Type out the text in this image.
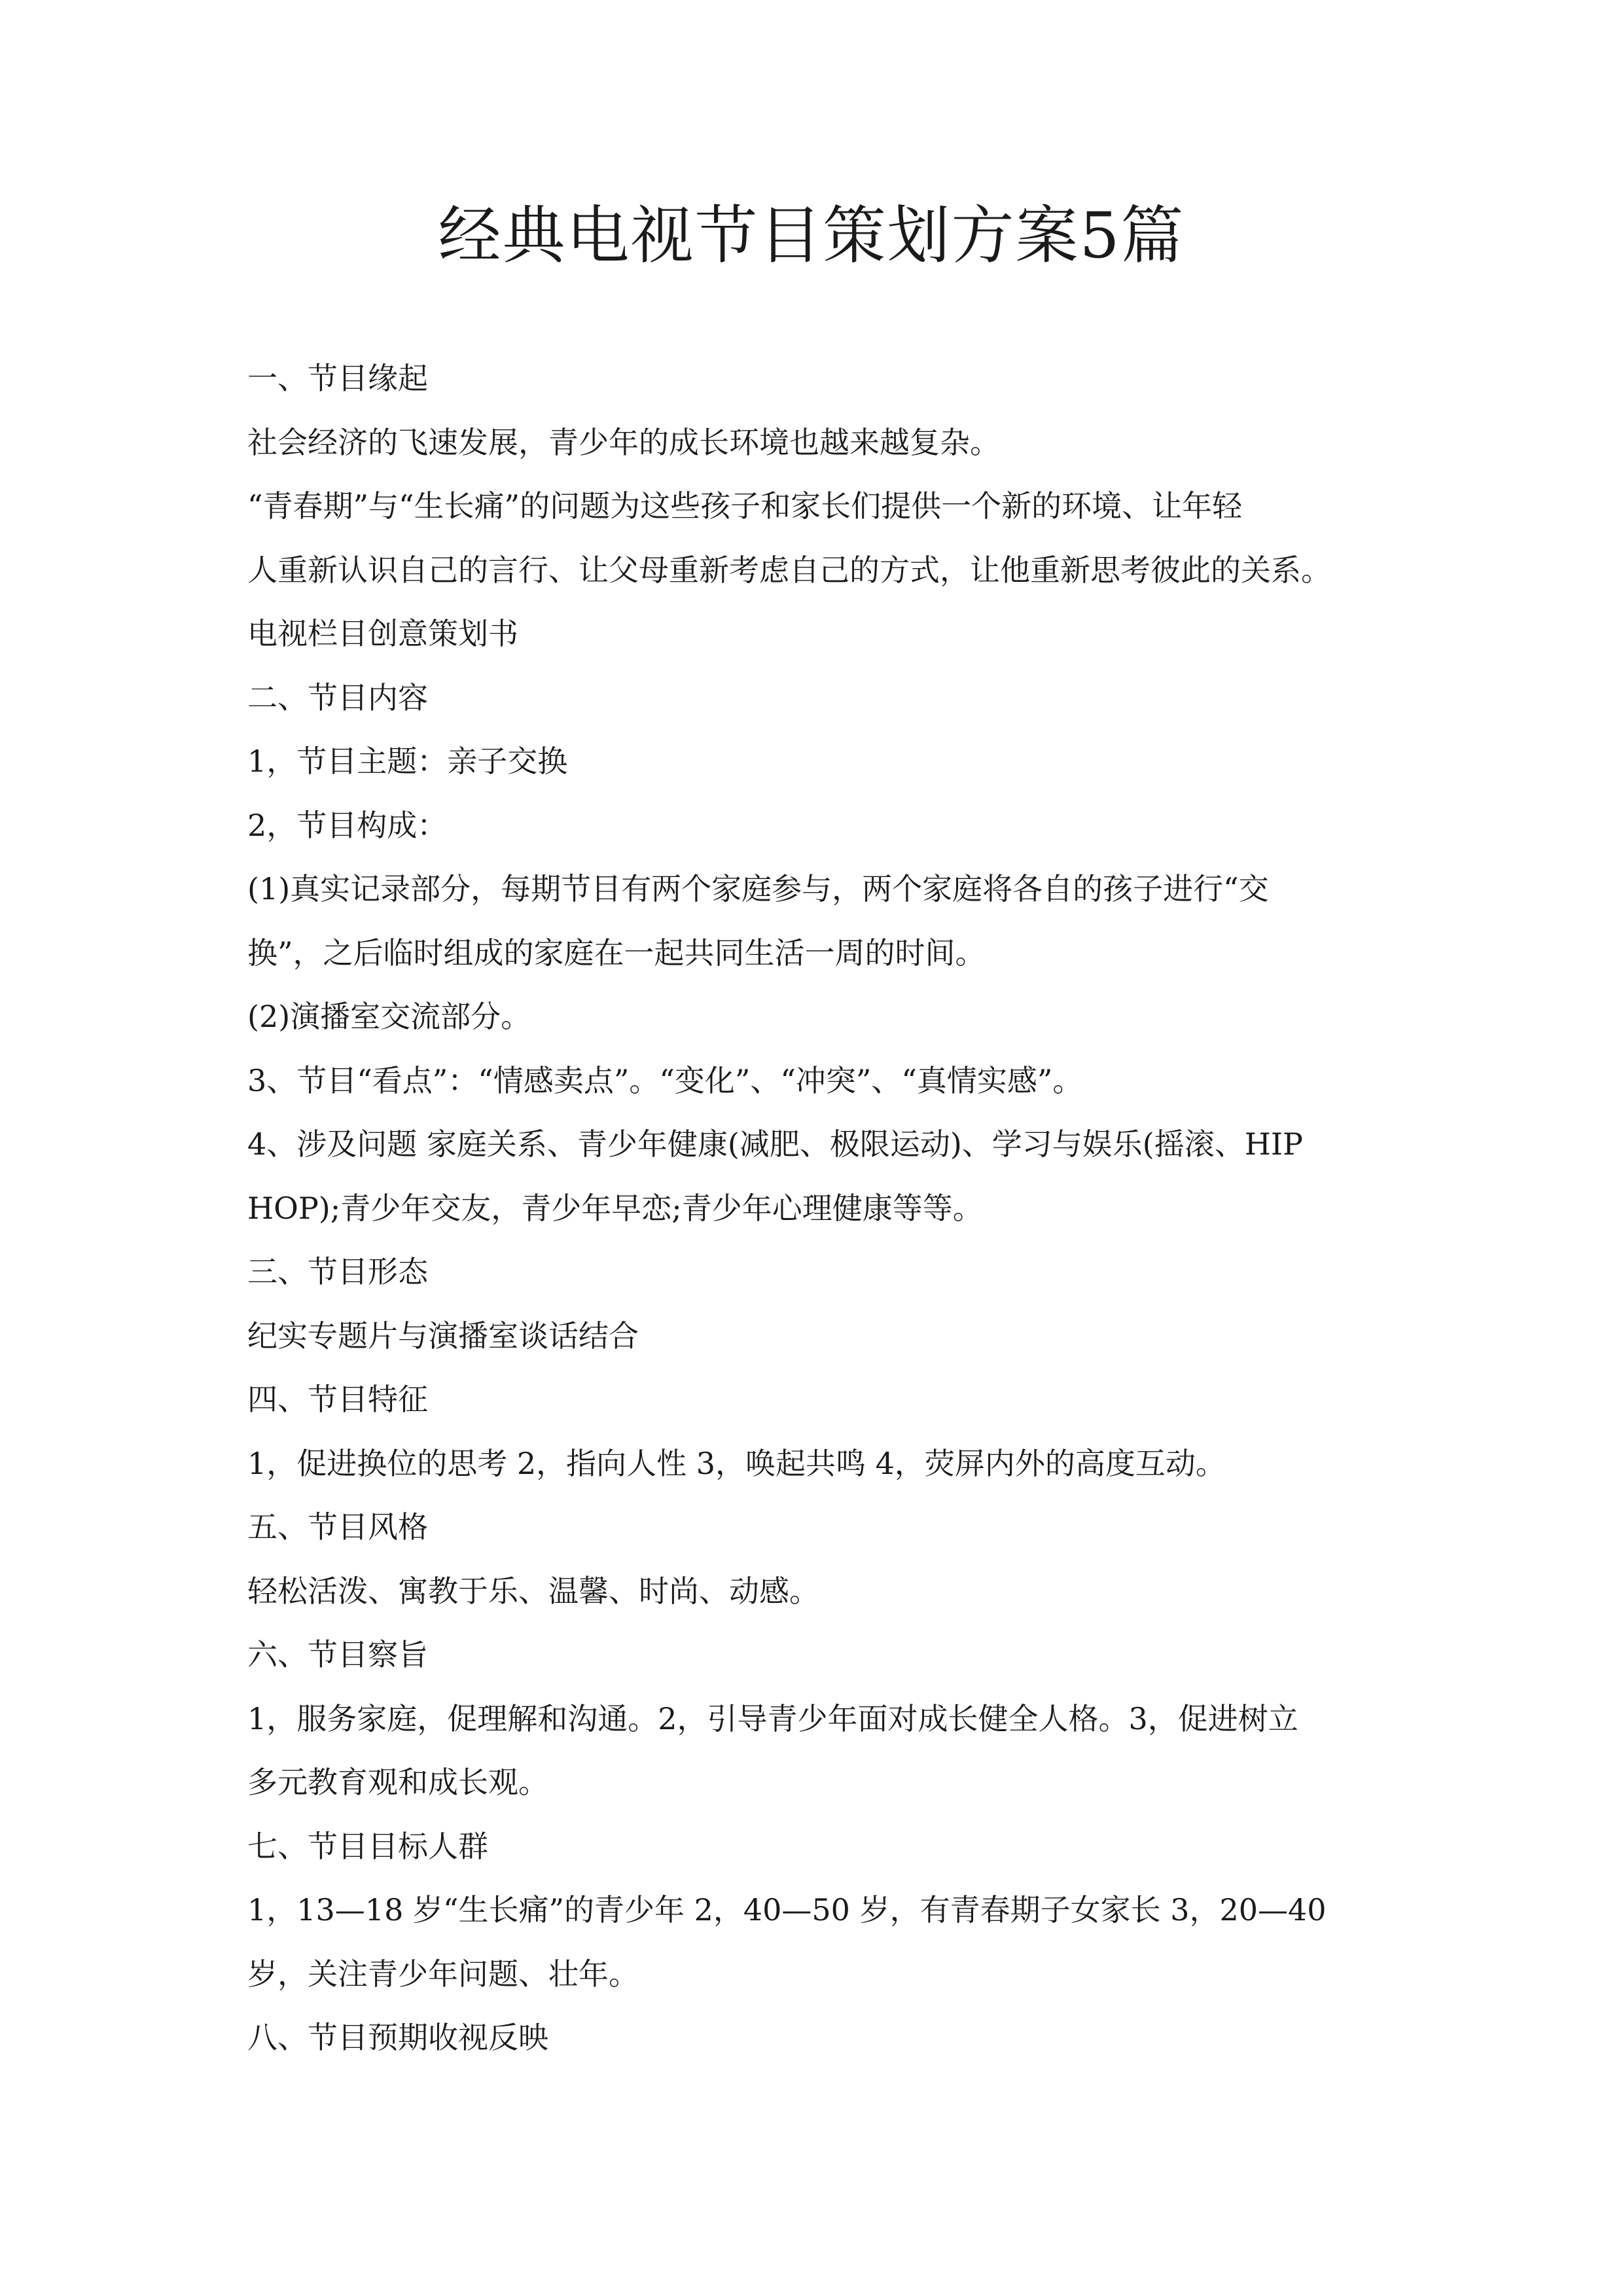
经典电视节目策划方案5篇

一、节目缘起

社会经济的飞速发展，青少年的成长环境也越来越复杂。

“青春期”与“生长痛”的问题为这些孩子和家长们提供一个新的环境、让年轻

人重新认识自己的言行、让父母重新考虑自己的方式，让他重新思考彼此的关系。

电视栏目创意策划书

二、节目内容

1，节目主题：亲子交换

2，节目构成：

(1)真实记录部分，每期节目有两个家庭参与，两个家庭将各自的孩子进行“交

换”，之后临时组成的家庭在一起共同生活一周的时间。

(2)演播室交流部分。

3、节目“看点”：“情感卖点”。“变化”、“冲突”、“真情实感”。

4、涉及问题 家庭关系、青少年健康(减肥、极限运动)、学习与娱乐(摇滚、HIP

HOP);青少年交友，青少年早恋;青少年心理健康等等。

三、节目形态

纪实专题片与演播室谈话结合

四、节目特征

1，促进换位的思考 2，指向人性 3，唤起共鸣 4，荧屏内外的高度互动。

五、节目风格

轻松活泼、寓教于乐、温馨、时尚、动感。

六、节目察旨

1，服务家庭，促理解和沟通。2，引导青少年面对成长健全人格。3，促进树立

多元教育观和成长观。

七、节目目标人群

1，13—18 岁“生长痛”的青少年 2，40—50 岁，有青春期子女家长 3，20—40

岁，关注青少年问题、壮年。

八、节目预期收视反映
